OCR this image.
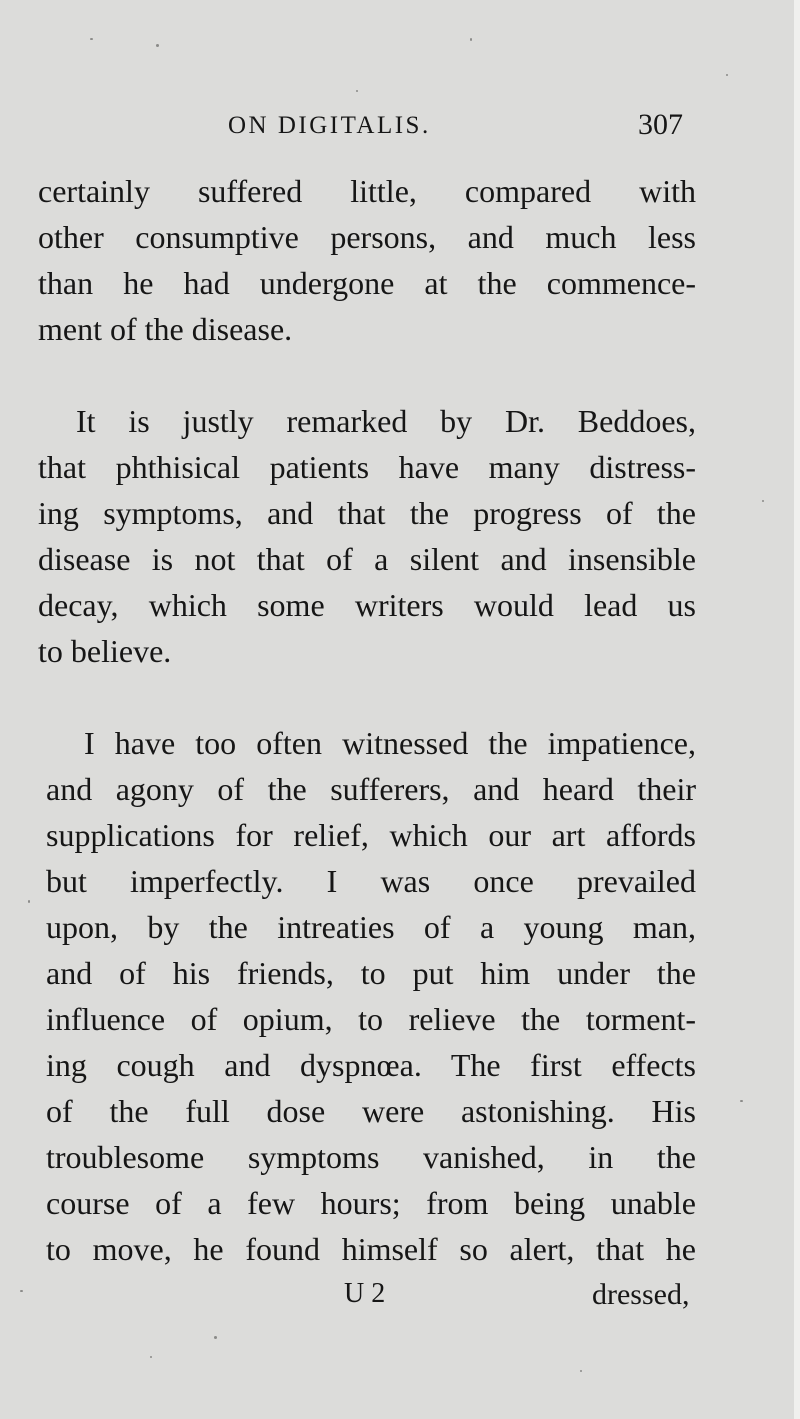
ON DIGITALIS.	307
certainly suffered little, compared with
other consumptive persons, and much less
than he had undergone at the commence-
ment of the disease.
It is justly remarked by Dr. Beddoes,
that phthisical patients have many distress-
ing symptoms, and that the progress of the
disease is not that of a silent and insensible
decay, which some writers would lead us
to believe.
I have too often witnessed the impatience,
and agony of the sufferers, and heard their
supplications for relief, which our art affords
but imperfectly. I was once prevailed
upon, by the intreaties of a young man,
and of his friends, to put him under the
influence of opium, to relieve the torment-
ing cough and dyspnœa. The first effects
of the full dose were astonishing. His
troublesome symptoms vanished, in the
course of a few hours; from being unable
to move, he found himself so alert, that he
U 2	dressed,
